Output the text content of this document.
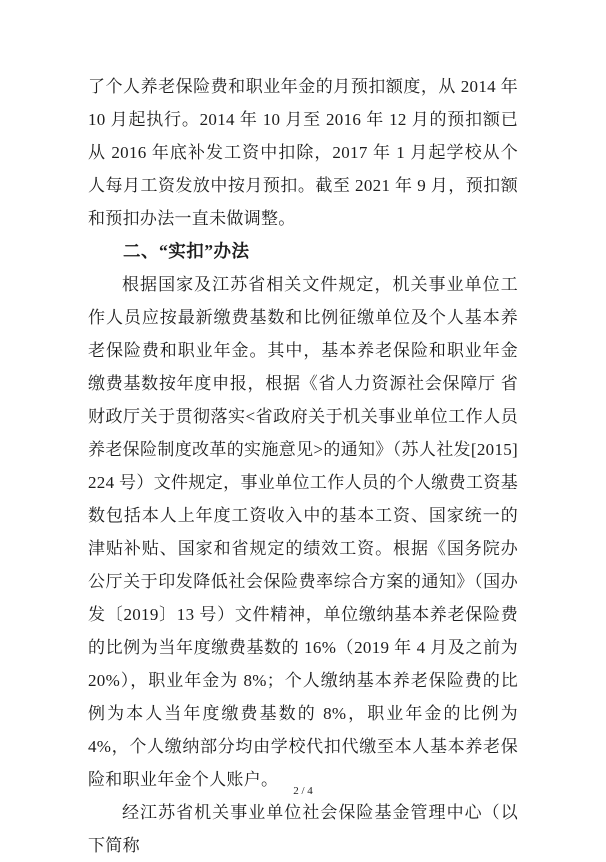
了个人养老保险费和职业年金的月预扣额度，从 2014 年 10 月起执行。2014 年 10 月至 2016 年 12 月的预扣额已从 2016 年底补发工资中扣除，2017 年 1 月起学校从个人每月工资发放中按月预扣。截至 2021 年 9 月，预扣额和预扣办法一直未做调整。

二、“实扣”办法

根据国家及江苏省相关文件规定，机关事业单位工作人员应按最新缴费基数和比例征缴单位及个人基本养老保险费和职业年金。其中，基本养老保险和职业年金缴费基数按年度申报，根据《省人力资源社会保障厅 省财政厅关于贯彻落实<省政府关于机关事业单位工作人员养老保险制度改革的实施意见>的通知》（苏人社发[2015]224 号）文件规定，事业单位工作人员的个人缴费工资基数包括本人上年度工资收入中的基本工资、国家统一的津贴补贴、国家和省规定的绩效工资。根据《国务院办公厅关于印发降低社会保险费率综合方案的通知》（国办发〔2019〕13 号）文件精神，单位缴纳基本养老保险费的比例为当年度缴费基数的 16%（2019 年 4 月及之前为 20%），职业年金为 8%；个人缴纳基本养老保险费的比例为本人当年度缴费基数的 8%，职业年金的比例为 4%，个人缴纳部分均由学校代扣代缴至本人基本养老保险和职业年金个人账户。

经江苏省机关事业单位社会保险基金管理中心（以下简称

2 / 4
